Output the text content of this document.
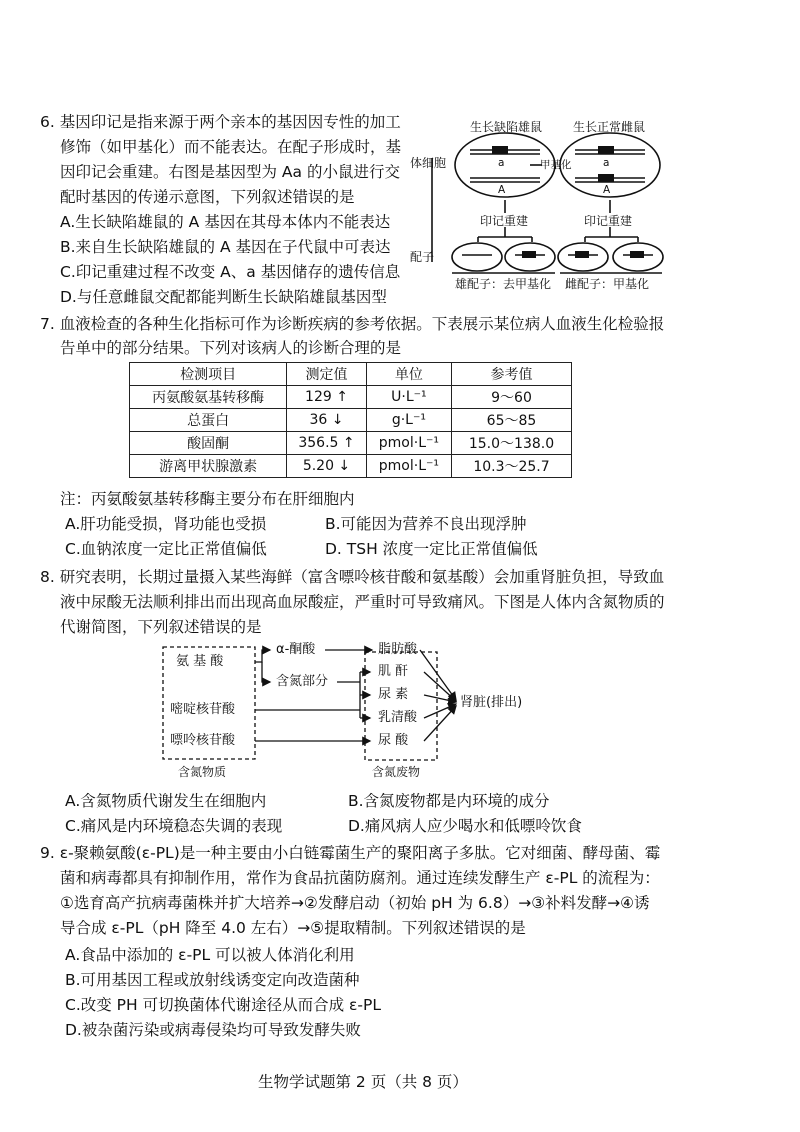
6. 基因印记是指来源于两个亲本的基因因专性的加工
修饰（如甲基化）而不能表达。在配子形成时，基
因印记会重建。右图是基因型为 Aa 的小鼠进行交
配时基因的传递示意图，下列叙述错误的是
A.生长缺陷雄鼠的 A 基因在其母本体内不能表达
B.来自生长缺陷雄鼠的 A 基因在子代鼠中可表达
C.印记重建过程不改变 A、a 基因储存的遗传信息
D.与任意雌鼠交配都能判断生长缺陷雄鼠基因型
生长缺陷雄鼠	生长正常雌鼠
体细胞	甲基化
a
A
a
A
印记重建	印记重建
配子
雄配子：去甲基化 雌配子：甲基化
7. 血液检查的各种生化指标可作为诊断疾病的参考依据。下表展示某位病人血液生化检验报
告单中的部分结果。下列对该病人的诊断合理的是
检测项目	测定值	单位	参考值
丙氨酸氨基转移酶	129 ↑	U·L⁻¹	9～60
总蛋白	36 ↓	g·L⁻¹	65～85
酸固酮	356.5 ↑	pmol·L⁻¹	15.0～138.0
游离甲状腺激素	5.20 ↓	pmol·L⁻¹	10.3～25.7
注：丙氨酸氨基转移酶主要分布在肝细胞内
A.肝功能受损，肾功能也受损	B.可能因为营养不良出现浮肿
C.血钠浓度一定比正常值偏低	D. TSH 浓度一定比正常值偏低
8. 研究表明，长期过量摄入某些海鲜（富含嘌呤核苷酸和氨基酸）会加重肾脏负担，导致血
液中尿酸无法顺利排出而出现高血尿酸症，严重时可导致痛风。下图是人体内含氮物质的
代谢简图，下列叙述错误的是
氨 基 酸
嘧啶核苷酸
嘌呤核苷酸
含氮物质
α-酮酸
含氮部分
脂肪酸
肌 酐
尿 素
乳清酸
尿 酸
含氮废物
肾脏(排出)
A.含氮物质代谢发生在细胞内	B.含氮废物都是内环境的成分
C.痛风是内环境稳态失调的表现	D.痛风病人应少喝水和低嘌呤饮食
9. ε-聚赖氨酸(ε-PL)是一种主要由小白链霉菌生产的聚阳离子多肽。它对细菌、酵母菌、霉
菌和病毒都具有抑制作用，常作为食品抗菌防腐剂。通过连续发酵生产 ε-PL 的流程为：
①选育高产抗病毒菌株并扩大培养→②发酵启动（初始 pH 为 6.8）→③补料发酵→④诱
导合成 ε-PL（pH 降至 4.0 左右）→⑤提取精制。下列叙述错误的是
A.食品中添加的 ε-PL 可以被人体消化利用
B.可用基因工程或放射线诱变定向改造菌种
C.改变 PH 可切换菌体代谢途径从而合成 ε-PL
D.被杂菌污染或病毒侵染均可导致发酵失败
生物学试题第 2 页（共 8 页）
